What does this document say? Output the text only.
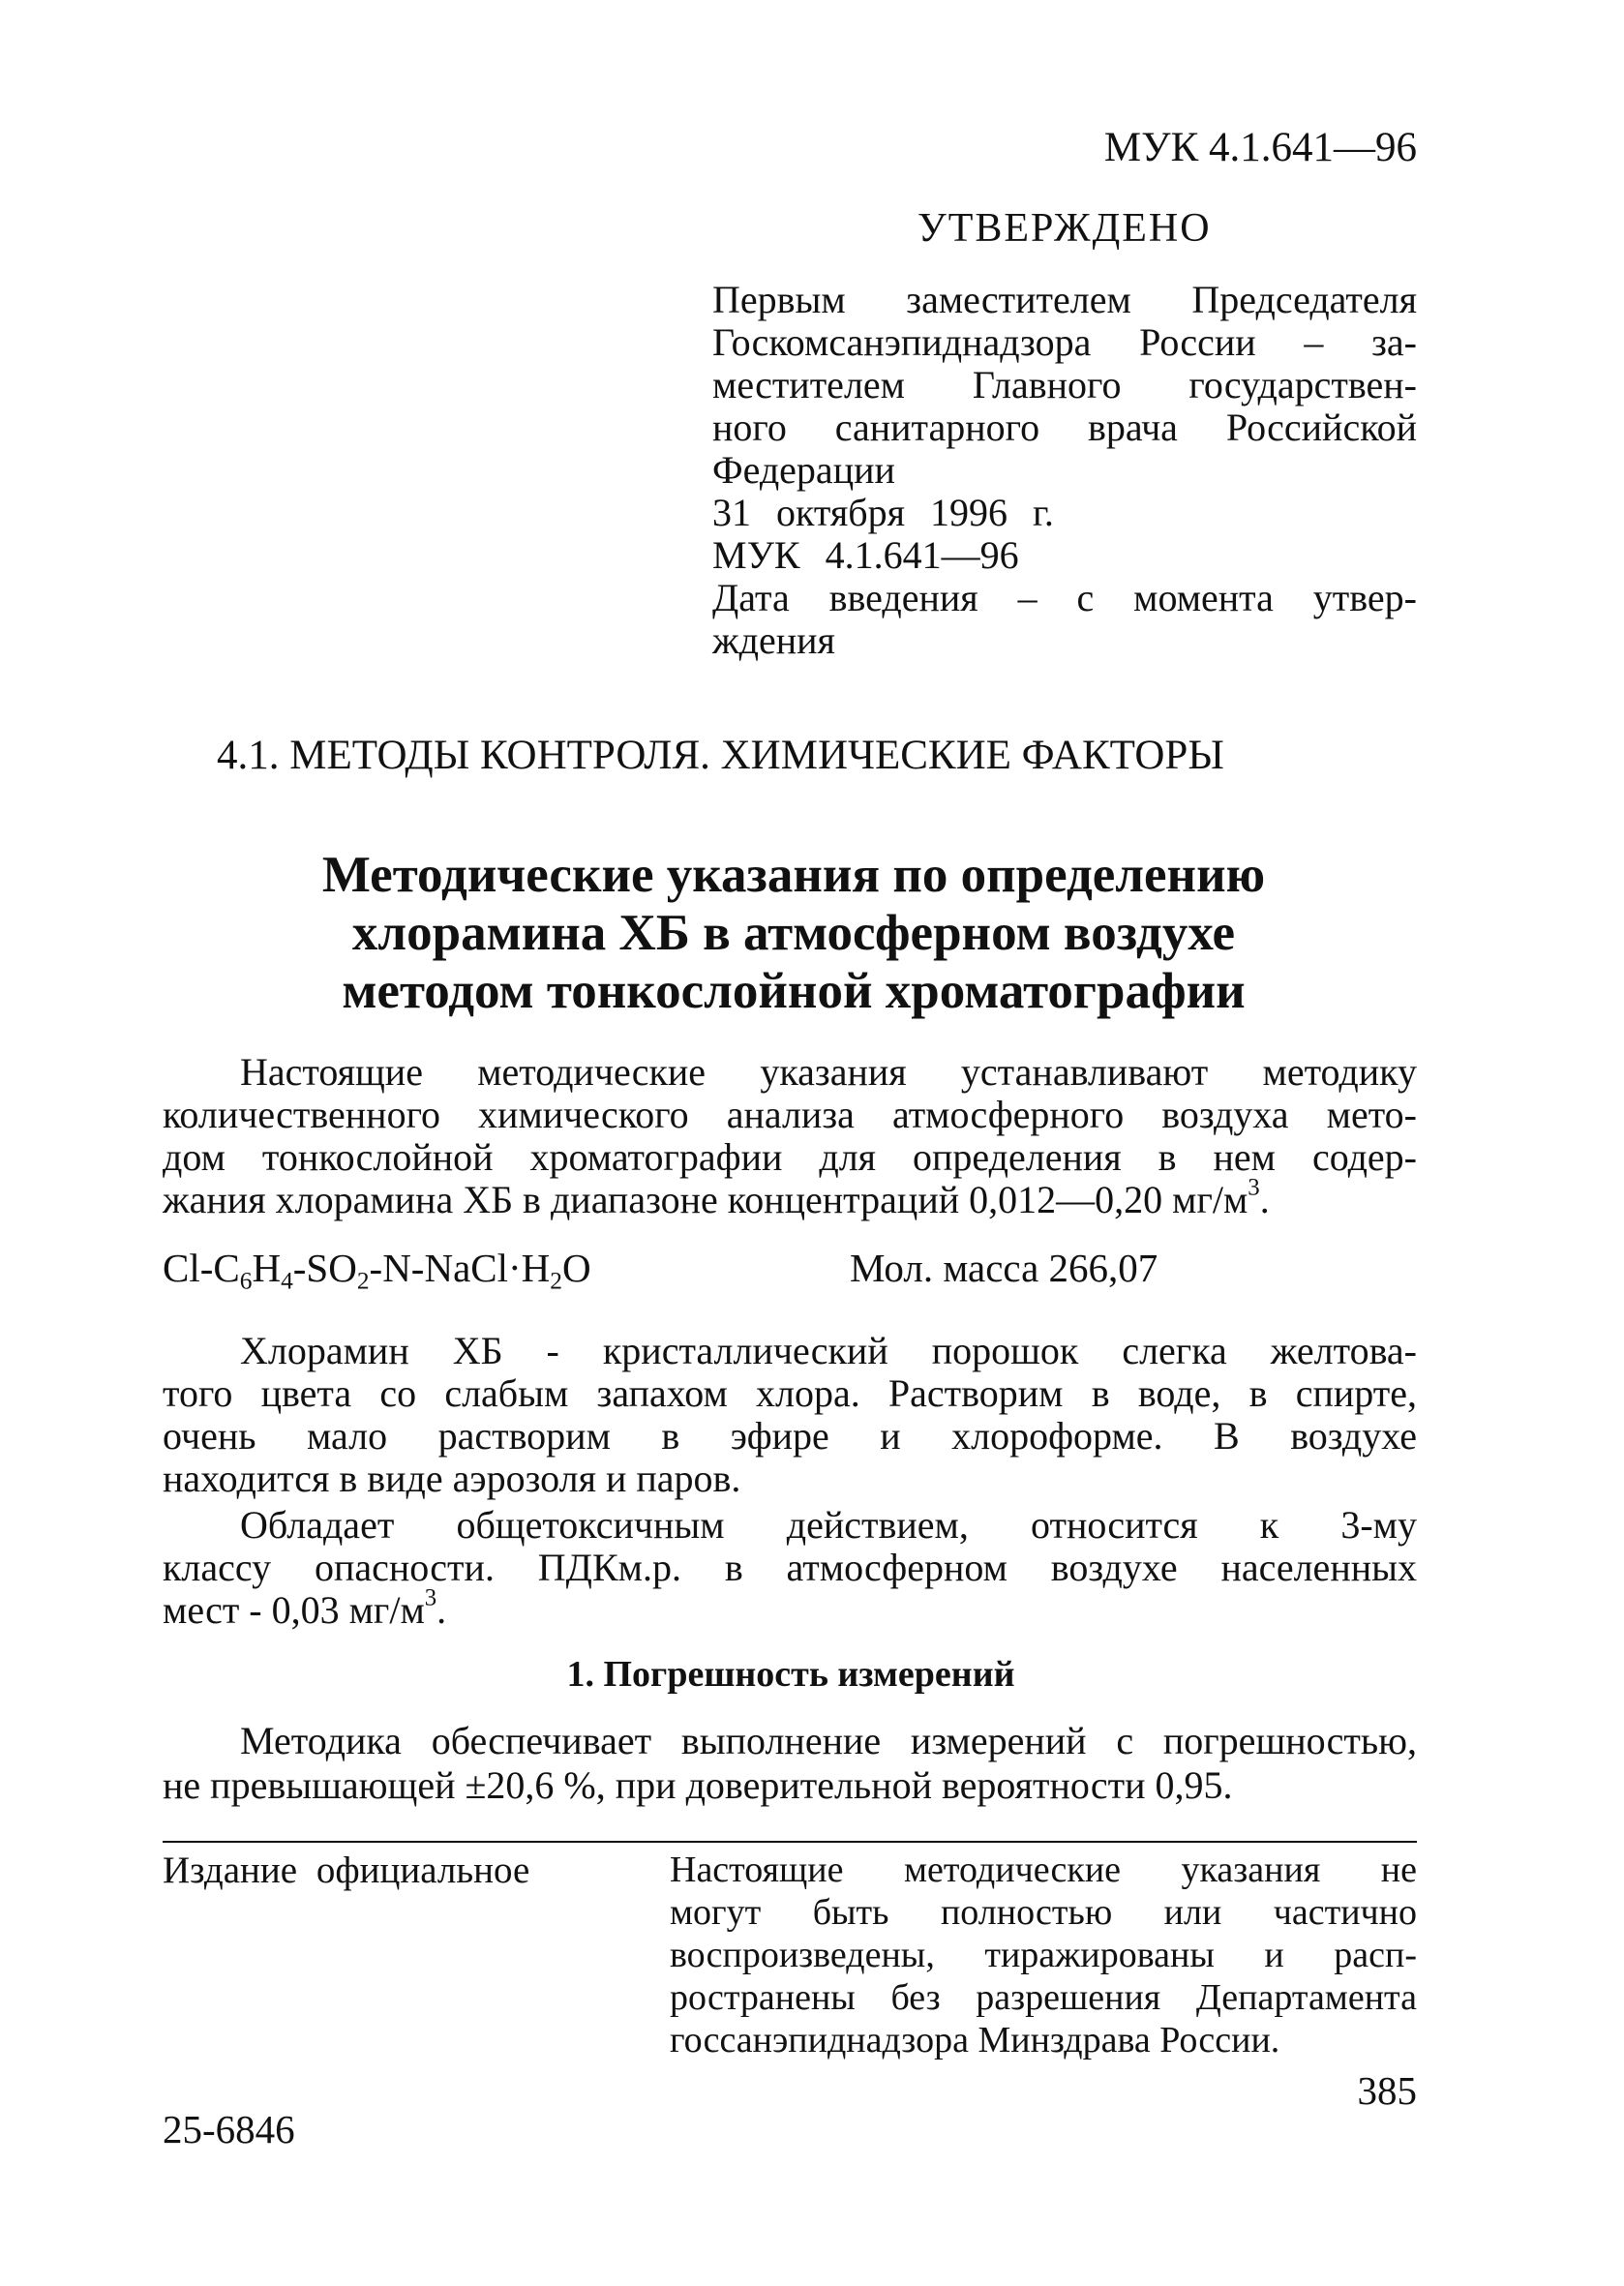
МУК 4.1.641—96
УТВЕРЖДЕНО
Первым заместителем Председателя
Госкомсанэпиднадзора России – за-
местителем Главного государствен-
ного санитарного врача Российской
Федерации
31 октября 1996 г.
МУК 4.1.641—96
Дата введения – с момента утвер-
ждения
4.1. МЕТОДЫ КОНТРОЛЯ. ХИМИЧЕСКИЕ ФАКТОРЫ
Методические указания по определению
хлорамина ХБ в атмосферном воздухе
методом тонкослойной хроматографии
Настоящие методические указания устанавливают методику
количественного химического анализа атмосферного воздуха мето-
дом тонкослойной хроматографии для определения в нем содер-
жания хлорамина ХБ в диапазоне концентраций 0,012—0,20 $мг/м^3$.
$Cl-C_6H_4-SO_2-N-NaCl\cdot H_2O$	Мол. масса 266,07
Хлорамин ХБ - кристаллический порошок слегка желтова-
того цвета со слабым запахом хлора. Растворим в воде, в спирте,
очень мало растворим в эфире и хлороформе. В воздухе
находится в виде аэрозоля и паров.
Обладает общетоксичным действием, относится к 3-му
классу опасности. ПДКм.р. в атмосферном воздухе населенных
мест - 0,03 $мг/м^3$.
1. Погрешность измерений
Методика обеспечивает выполнение измерений с погрешностью,
не превышающей ±20,6 %, при доверительной вероятности 0,95.
Издание официальное	Настоящие методические указания не
могут быть полностью или частично
воспроизведены, тиражированы и расп-
ространены без разрешения Департамента
госсанэпиднадзора Минздрава России.
385
25-6846
